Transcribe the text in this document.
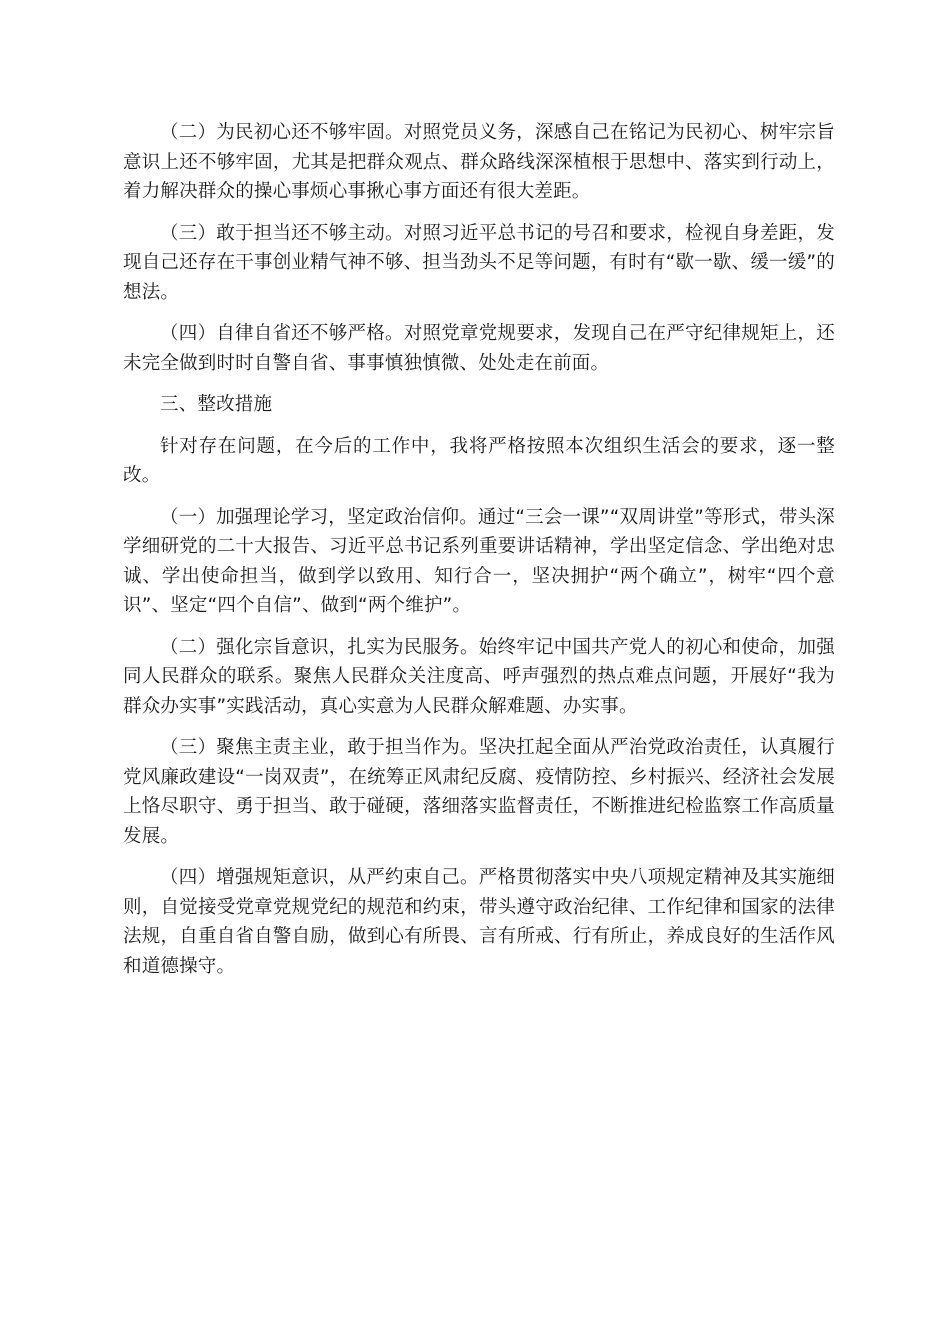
（二）为民初心还不够牢固。对照党员义务，深感自己在铭记为民初心、树牢宗旨意识上还不够牢固，尤其是把群众观点、群众路线深深植根于思想中、落实到行动上，着力解决群众的操心事烦心事揪心事方面还有很大差距。

（三）敢于担当还不够主动。对照习近平总书记的号召和要求，检视自身差距，发现自己还存在干事创业精气神不够、担当劲头不足等问题，有时有“歇一歇、缓一缓”的想法。

（四）自律自省还不够严格。对照党章党规要求，发现自己在严守纪律规矩上，还未完全做到时时自警自省、事事慎独慎微、处处走在前面。

三、整改措施

针对存在问题，在今后的工作中，我将严格按照本次组织生活会的要求，逐一整改。

（一）加强理论学习，坚定政治信仰。通过“三会一课”“双周讲堂”等形式，带头深学细研党的二十大报告、习近平总书记系列重要讲话精神，学出坚定信念、学出绝对忠诚、学出使命担当，做到学以致用、知行合一，坚决拥护“两个确立”，树牢“四个意识”、坚定“四个自信”、做到“两个维护”。

（二）强化宗旨意识，扎实为民服务。始终牢记中国共产党人的初心和使命，加强同人民群众的联系。聚焦人民群众关注度高、呼声强烈的热点难点问题，开展好“我为群众办实事”实践活动，真心实意为人民群众解难题、办实事。

（三）聚焦主责主业，敢于担当作为。坚决扛起全面从严治党政治责任，认真履行党风廉政建设“一岗双责”，在统筹正风肃纪反腐、疫情防控、乡村振兴、经济社会发展上恪尽职守、勇于担当、敢于碰硬，落细落实监督责任，不断推进纪检监察工作高质量发展。

（四）增强规矩意识，从严约束自己。严格贯彻落实中央八项规定精神及其实施细则，自觉接受党章党规党纪的规范和约束，带头遵守政治纪律、工作纪律和国家的法律法规，自重自省自警自励，做到心有所畏、言有所戒、行有所止，养成良好的生活作风和道德操守。
